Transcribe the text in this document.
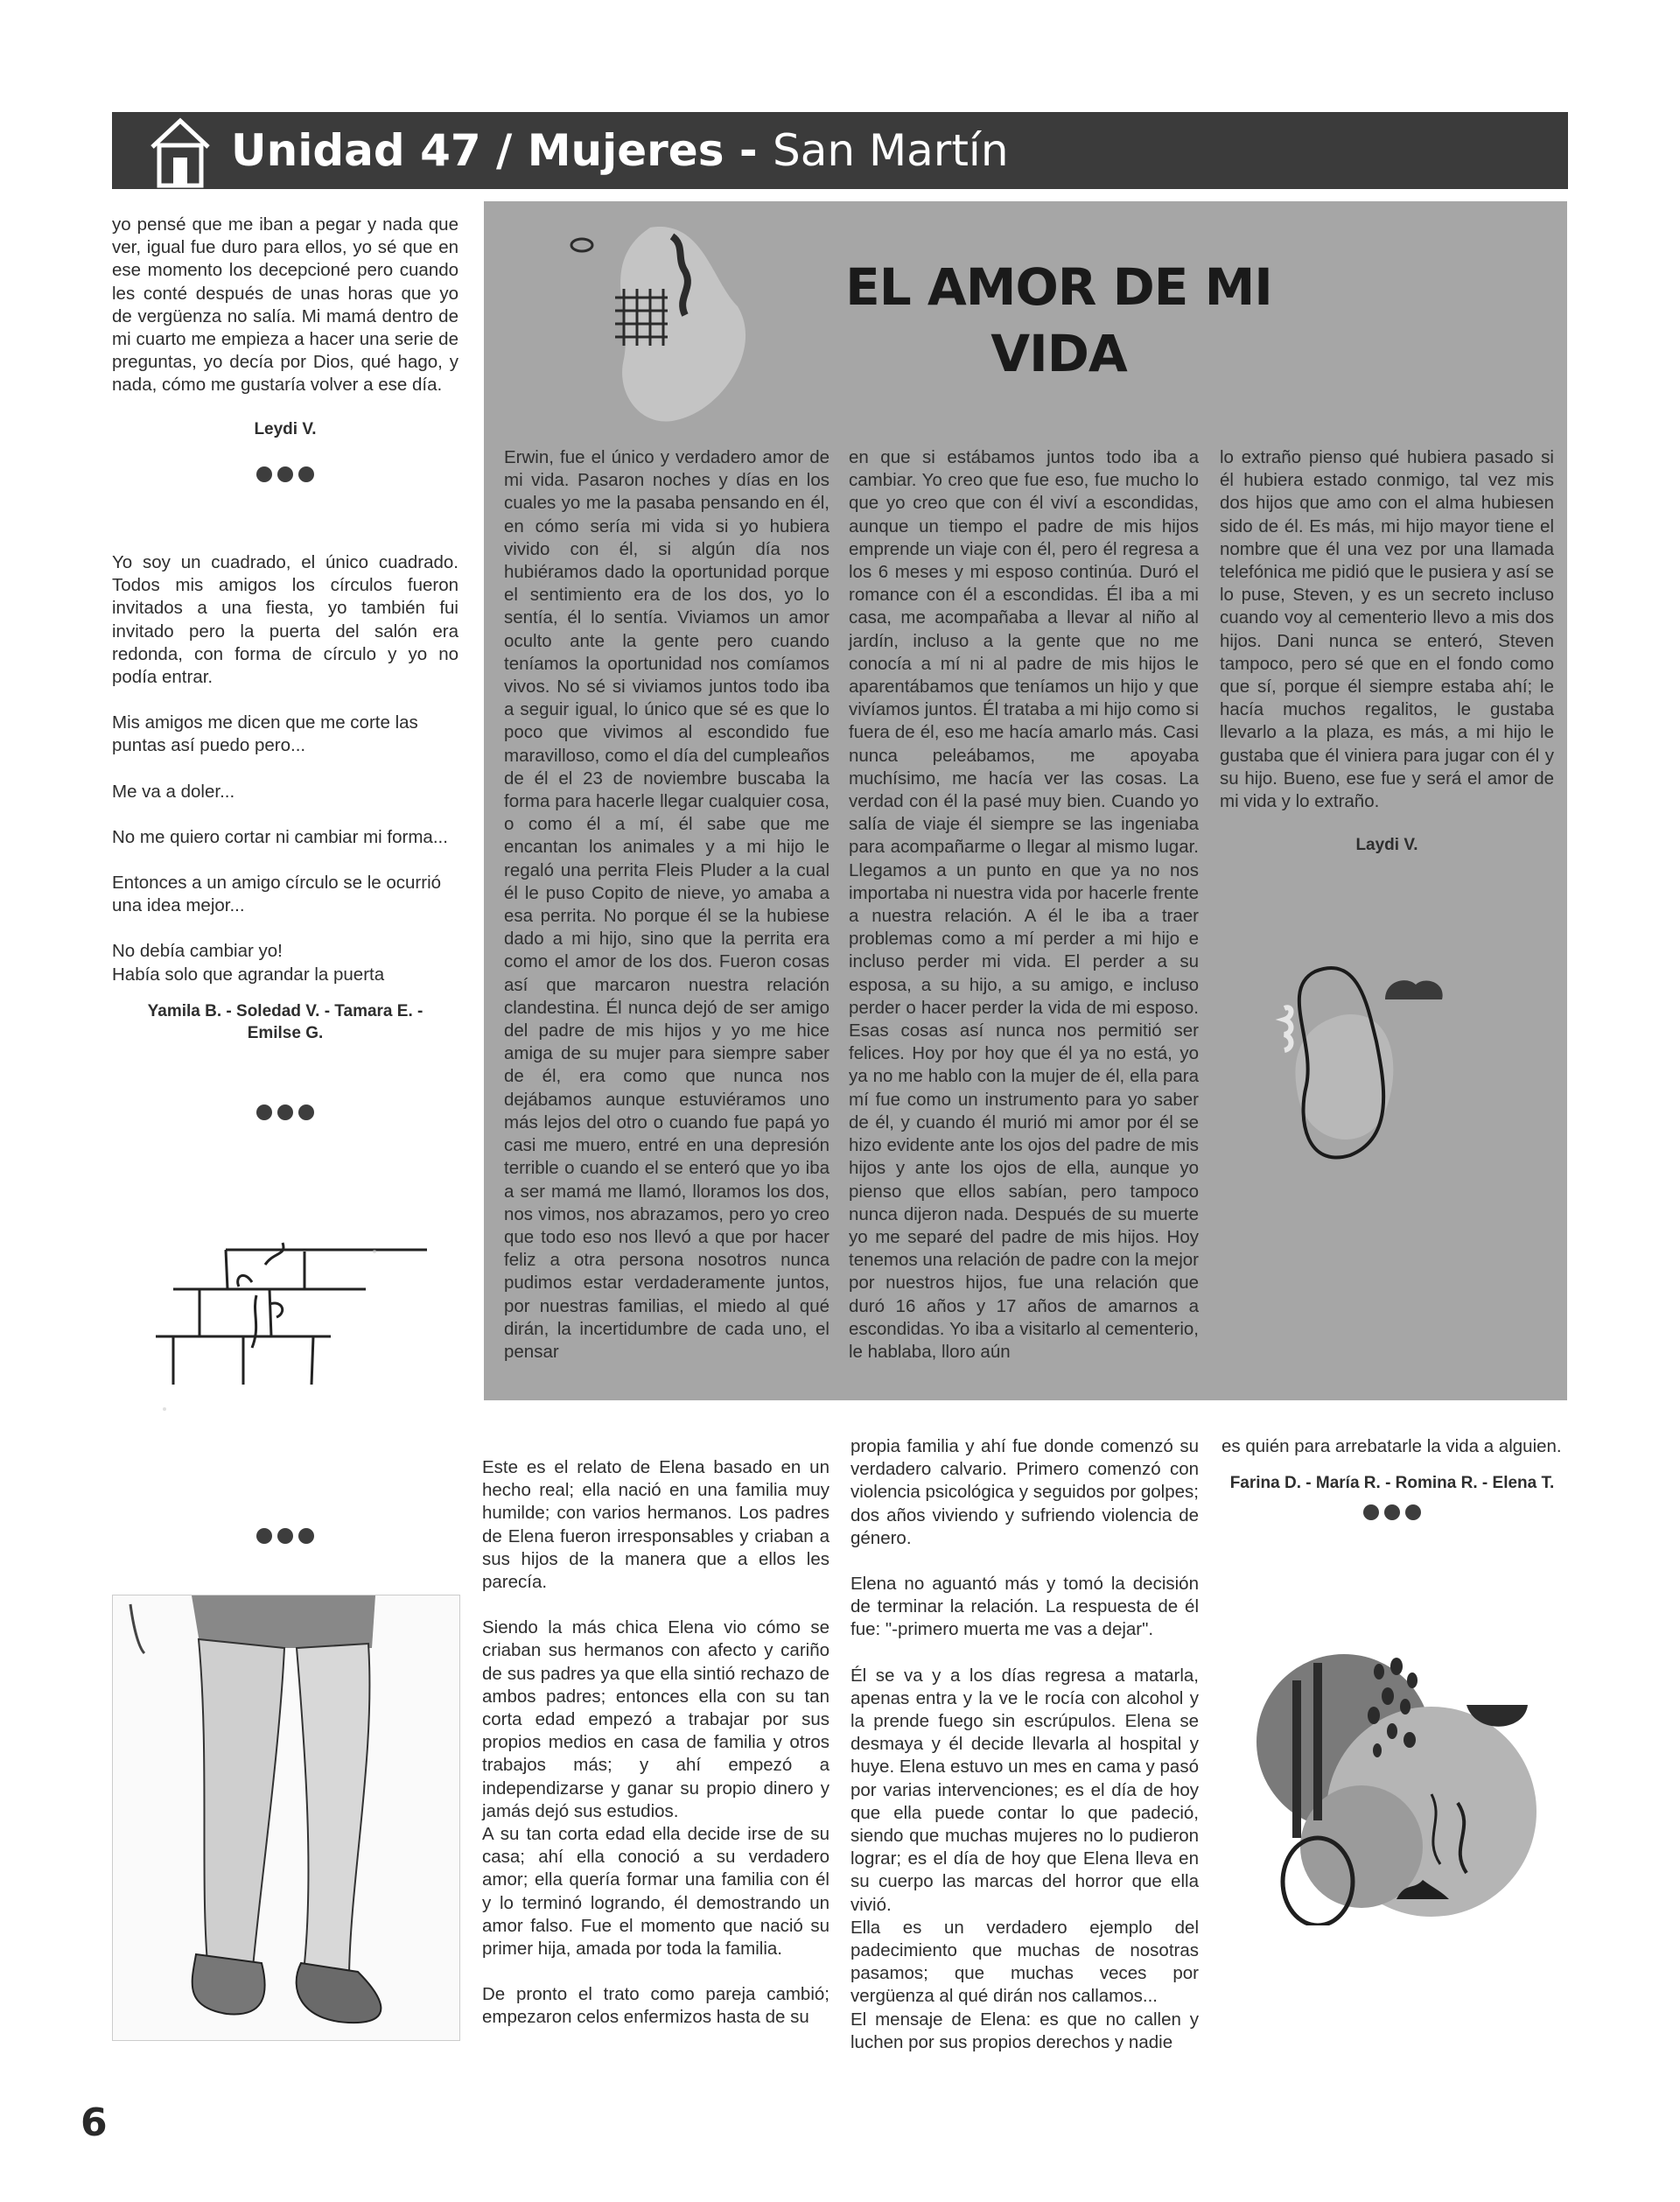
Unidad 47 / Mujeres - San Martín

yo pensé que me iban a pegar y nada que ver, igual fue duro para ellos, yo sé que en ese momento los decepcioné pero cuando les conté después de unas horas que yo de vergüenza no salía. Mi mamá dentro de mi cuarto me empieza a hacer una serie de preguntas, yo decía por Dios, qué hago, y nada, cómo me gustaría volver a ese día.

Leydi V.

Yo soy un cuadrado, el único cuadrado. Todos mis amigos los círculos fueron invitados a una fiesta, yo también fui invitado pero la puerta del salón era redonda, con forma de círculo y yo no podía entrar.

Mis amigos me dicen que me corte las puntas así puedo pero...

Me va a doler...

No me quiero cortar ni cambiar mi forma...

Entonces a un amigo círculo se le ocurrió una idea mejor...

No debía cambiar yo!

Había solo que agrandar la puerta

Yamila B. - Soledad V. - Tamara E. - Emilse G.
EL AMOR DE MI VIDA
Erwin, fue el único y verdadero amor de mi vida. Pasaron noches y días en los cuales yo me la pasaba pensando en él, en cómo sería mi vida si yo hubiera vivido con él, si algún día nos hubiéramos dado la oportunidad porque el sentimiento era de los dos, yo lo sentía, él lo sentía. Viviamos un amor oculto ante la gente pero cuando teníamos la oportunidad nos comíamos vivos. No sé si viviamos juntos todo iba a seguir igual, lo único que sé es que lo poco que vivimos al escondido fue maravilloso, como el día del cumpleaños de él el 23 de noviembre buscaba la forma para hacerle llegar cualquier cosa, o como él a mí, él sabe que me encantan los animales y a mi hijo le regaló una perrita Fleis Pluder a la cual él le puso Copito de nieve, yo amaba a esa perrita. No porque él se la hubiese dado a mi hijo, sino que la perrita era como el amor de los dos. Fueron cosas así que marcaron nuestra relación clandestina. Él nunca dejó de ser amigo del padre de mis hijos y yo me hice amiga de su mujer para siempre saber de él, era como que nunca nos dejábamos aunque estuviéramos uno más lejos del otro o cuando fue papá yo casi me muero, entré en una depresión terrible o cuando el se enteró que yo iba a ser mamá me llamó, lloramos los dos, nos vimos, nos abrazamos, pero yo creo que todo eso nos llevó a que por hacer feliz a otra persona nosotros nunca pudimos estar verdaderamente juntos, por nuestras familias, el miedo al qué dirán, la incertidumbre de cada uno, el pensar
en que si estábamos juntos todo iba a cambiar. Yo creo que fue eso, fue mucho lo que yo creo que con él viví a escondidas, aunque un tiempo el padre de mis hijos emprende un viaje con él, pero él regresa a los 6 meses y mi esposo continúa. Duró el romance con él a escondidas. Él iba a mi casa, me acompañaba a llevar al niño al jardín, incluso a la gente que no me conocía a mí ni al padre de mis hijos le aparentábamos que teníamos un hijo y que vivíamos juntos. Él trataba a mi hijo como si fuera de él, eso me hacía amarlo más. Casi nunca peleábamos, me apoyaba muchísimo, me hacía ver las cosas. La verdad con él la pasé muy bien. Cuando yo salía de viaje él siempre se las ingeniaba para acompañarme o llegar al mismo lugar. Llegamos a un punto en que ya no nos importaba ni nuestra vida por hacerle frente a nuestra relación. A él le iba a traer problemas como a mí perder a mi hijo e incluso perder mi vida. El perder a su esposa, a su hijo, a su amigo, e incluso perder o hacer perder la vida de mi esposo. Esas cosas así nunca nos permitió ser felices. Hoy por hoy que él ya no está, yo ya no me hablo con la mujer de él, ella para mí fue como un instrumento para yo saber de él, y cuando él murió mi amor por él se hizo evidente ante los ojos del padre de mis hijos y ante los ojos de ella, aunque yo pienso que ellos sabían, pero tampoco nunca dijeron nada. Después de su muerte yo me separé del padre de mis hijos. Hoy tenemos una relación de padre con la mejor por nuestros hijos, fue una relación que duró 16 años y 17 años de amarnos a escondidas. Yo iba a visitarlo al cementerio, le hablaba, lloro aún

lo extraño pienso qué hubiera pasado si él hubiera estado conmigo, tal vez mis dos hijos que amo con el alma hubiesen sido de él. Es más, mi hijo mayor tiene el nombre que él una vez por una llamada telefónica me pidió que le pusiera y así se lo puse, Steven, y es un secreto incluso cuando voy al cementerio llevo a mis dos hijos. Dani nunca se enteró, Steven tampoco, pero sé que en el fondo como que sí, porque él siempre estaba ahí; le hacía muchos regalitos, le gustaba llevarlo a la plaza, es más, a mi hijo le gustaba que él viniera para jugar con él y su hijo. Bueno, ese fue y será el amor de mi vida y lo extraño.

Laydi V.

Este es el relato de Elena basado en un hecho real; ella nació en una familia muy humilde; con varios hermanos. Los padres de Elena fueron irresponsables y criaban a sus hijos de la manera que a ellos les parecía.

Siendo la más chica Elena vio cómo se criaban sus hermanos con afecto y cariño de sus padres ya que ella sintió rechazo de ambos padres; entonces ella con su tan corta edad empezó a trabajar por sus propios medios en casa de familia y otros trabajos más; y ahí empezó a independizarse y ganar su propio dinero y jamás dejó sus estudios.

A su tan corta edad ella decide irse de su casa; ahí ella conoció a su verdadero amor; ella quería formar una familia con él y lo terminó logrando, él demostrando un amor falso. Fue el momento que nació su primer hija, amada por toda la familia.

De pronto el trato como pareja cambió; empezaron celos enfermizos hasta de su

propia familia y ahí fue donde comenzó su verdadero calvario. Primero comenzó con violencia psicológica y seguidos por golpes; dos años viviendo y sufriendo violencia de género.

Elena no aguantó más y tomó la decisión de terminar la relación. La respuesta de él fue: "-primero muerta me vas a dejar".

Él se va y a los días regresa a matarla, apenas entra y la ve le rocía con alcohol y la prende fuego sin escrúpulos. Elena se desmaya y él decide llevarla al hospital y huye. Elena estuvo un mes en cama y pasó por varias intervenciones; es el día de hoy que ella puede contar lo que padeció, siendo que muchas mujeres no lo pudieron lograr; es el día de hoy que Elena lleva en su cuerpo las marcas del horror que ella vivió.

Ella es un verdadero ejemplo del padecimiento que muchas de nosotras pasamos; que muchas veces por vergüenza al qué dirán nos callamos...

El mensaje de Elena: es que no callen y luchen por sus propios derechos y nadie

es quién para arrebatarle la vida a alguien.

Farina D. - María R. - Romina R. - Elena T.
6
